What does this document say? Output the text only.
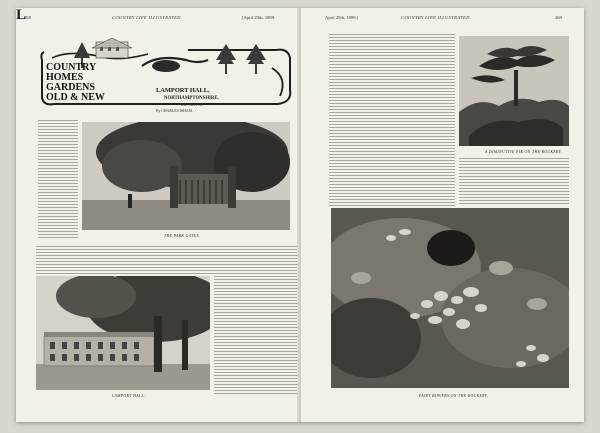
268	COUNTRY LIFE ILLUSTRATED.	[April 29th, 1899.
COUNTRY
HOMES
GARDENS
OLD & NEW
LAMPORT HALL,
NORTHAMPTONSHIRE.
THE SEAT OF
By CHARLES ISHAM.
L
THE PARK GATES.
LAMPORT HALL.
April 29th, 1899.]	COUNTRY LIFE ILLUSTRATED.	269
A DIMINUTIVE FIR ON THE ROCKERY.
FAIRY BOWERS ON THE ROCKERY.
